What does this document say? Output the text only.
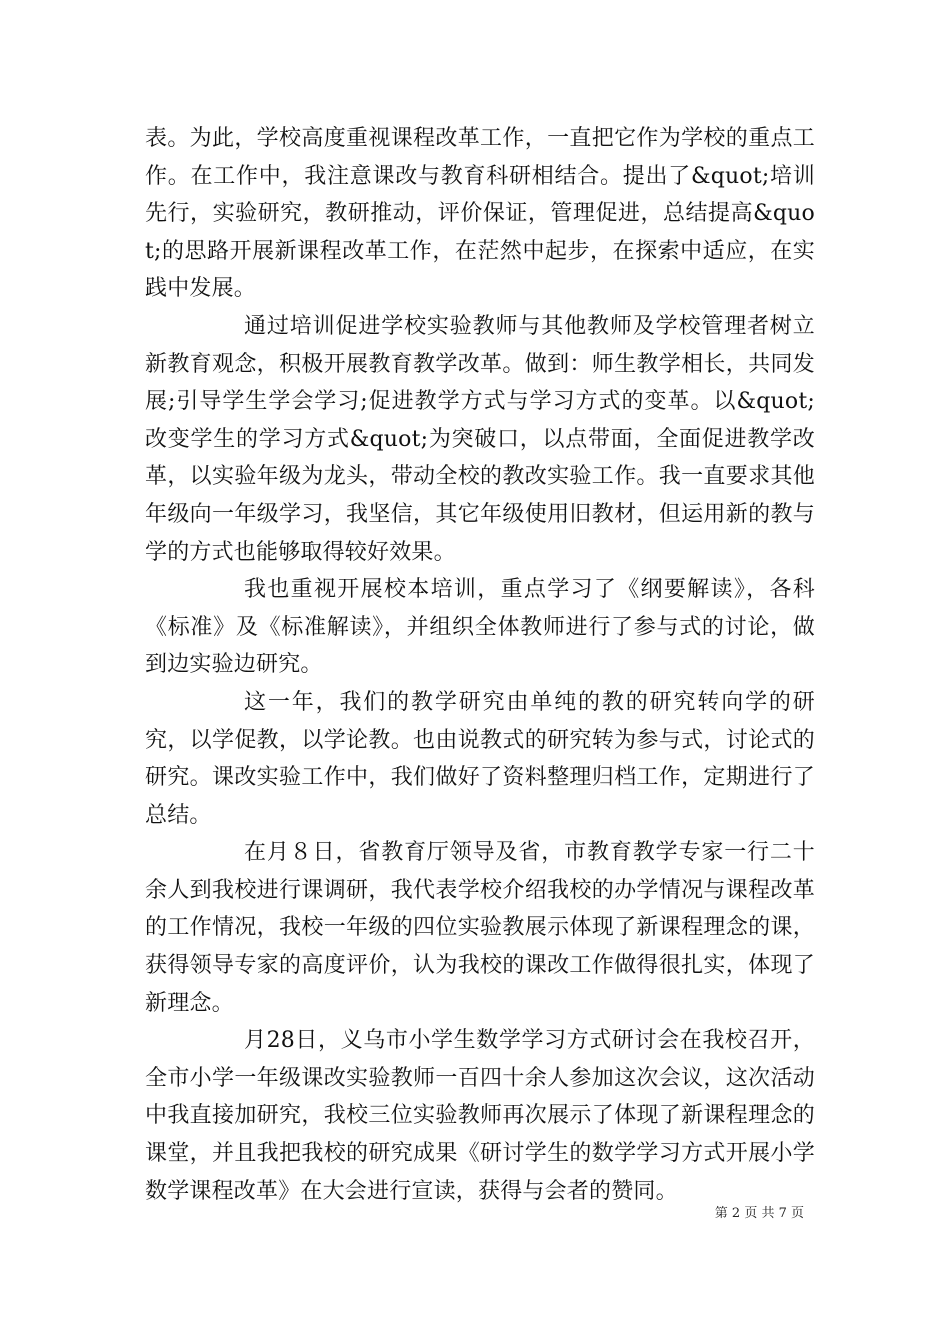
表。为此，学校高度重视课程改革工作，一直把它作为学校的重点工作。在工作中，我注意课改与教育科研相结合。提出了&quot;培训先行，实验研究，教研推动，评价保证，管理促进，总结提高&quot;的思路开展新课程改革工作，在茫然中起步，在探索中适应，在实践中发展。

通过培训促进学校实验教师与其他教师及学校管理者树立新教育观念，积极开展教育教学改革。做到：师生教学相长，共同发展;引导学生学会学习;促进教学方式与学习方式的变革。以&quot;改变学生的学习方式&quot;为突破口，以点带面，全面促进教学改革，以实验年级为龙头，带动全校的教改实验工作。我一直要求其他年级向一年级学习，我坚信，其它年级使用旧教材，但运用新的教与学的方式也能够取得较好效果。

我也重视开展校本培训，重点学习了《纲要解读》，各科《标准》及《标准解读》，并组织全体教师进行了参与式的讨论，做到边实验边研究。

这一年，我们的教学研究由单纯的教的研究转向学的研究，以学促教，以学论教。也由说教式的研究转为参与式，讨论式的研究。课改实验工作中，我们做好了资料整理归档工作，定期进行了总结。

在月８日，省教育厅领导及省，市教育教学专家一行二十余人到我校进行课调研，我代表学校介绍我校的办学情况与课程改革的工作情况，我校一年级的四位实验教展示体现了新课程理念的课，获得领导专家的高度评价，认为我校的课改工作做得很扎实，体现了新理念。

月28日，义乌市小学生数学学习方式研讨会在我校召开，全市小学一年级课改实验教师一百四十余人参加这次会议，这次活动中我直接加研究，我校三位实验教师再次展示了体现了新课程理念的课堂，并且我把我校的研究成果《研讨学生的数学学习方式开展小学数学课程改革》在大会进行宣读，获得与会者的赞同。

第 2 页 共 7 页
